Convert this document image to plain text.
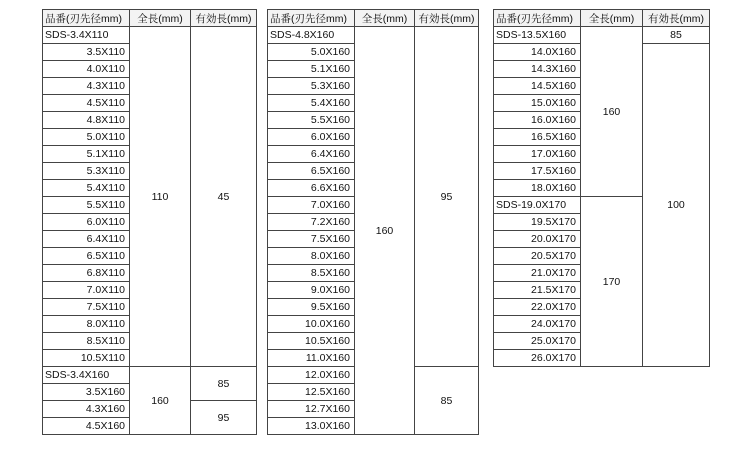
品番(刃先径mm)	全長(mm)	有効長(mm)
SDS-3.4X110	110	45
3.5X110		
4.0X110		
4.3X110		
4.5X110		
4.8X110		
5.0X110		
5.1X110		
5.3X110		
5.4X110		
5.5X110		
6.0X110		
6.4X110		
6.5X110		
6.8X110		
7.0X110		
7.5X110		
8.0X110		
8.5X110		
10.5X110		
SDS-3.4X160	160	85
3.5X160		
4.3X160		95
4.5X160		
品番(刃先径mm)	全長(mm)	有効長(mm)
SDS-4.8X160	160	95
5.0X160		
5.1X160		
5.3X160		
5.4X160		
5.5X160		
6.0X160		
6.4X160		
6.5X160		
6.6X160		
7.0X160		
7.2X160		
7.5X160		
8.0X160		
8.5X160		
9.0X160		
9.5X160		
10.0X160		
10.5X160		
11.0X160		
12.0X160		85
12.5X160		
12.7X160		
13.0X160		
品番(刃先径mm)	全長(mm)	有効長(mm)
SDS-13.5X160	160	85
14.0X160		100
14.3X160		
14.5X160		
15.0X160		
16.0X160		
16.5X160		
17.0X160		
17.5X160		
18.0X160		
SDS-19.0X170	170	
19.5X170		
20.0X170		
20.5X170		
21.0X170		
21.5X170		
22.0X170		
24.0X170		
25.0X170		
26.0X170		
